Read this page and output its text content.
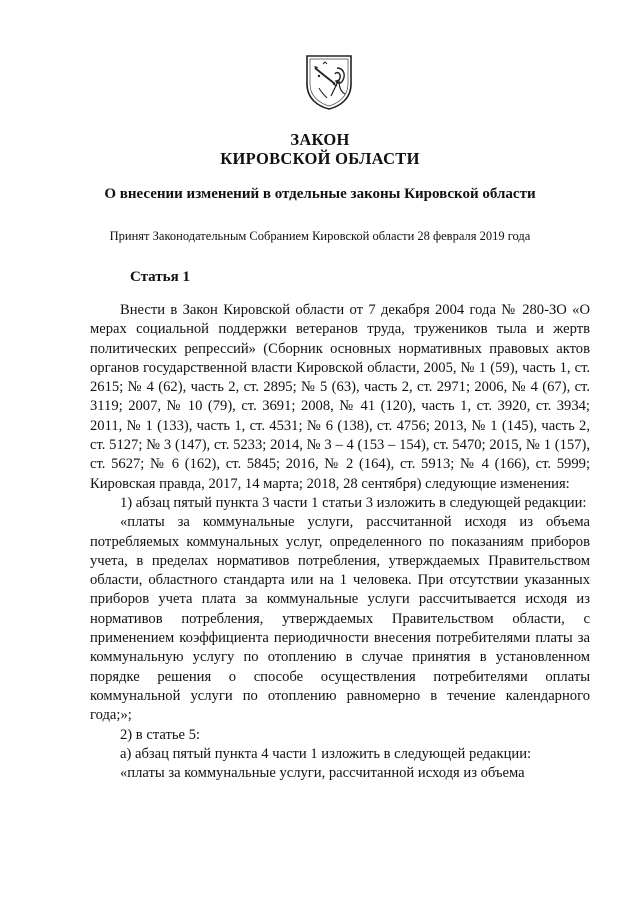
ЗАКОН
КИРОВСКОЙ ОБЛАСТИ
О внесении изменений в отдельные законы Кировской области
Принят Законодательным Собранием Кировской области 28 февраля 2019 года
Статья 1

Внести в Закон Кировской области от 7 декабря 2004 года № 280-ЗО «О мерах социальной поддержки ветеранов труда, тружеников тыла и жертв политических репрессий» (Сборник основных нормативных правовых актов органов государственной власти Кировской области, 2005, № 1 (59), часть 1, ст. 2615; № 4 (62), часть 2, ст. 2895; № 5 (63), часть 2, ст. 2971; 2006, № 4 (67), ст. 3119; 2007, № 10 (79), ст. 3691; 2008, № 41 (120), часть 1, ст. 3920, ст. 3934; 2011, № 1 (133), часть 1, ст. 4531; № 6 (138), ст. 4756; 2013, № 1 (145), часть 2, ст. 5127; № 3 (147), ст. 5233; 2014, № 3 – 4 (153 – 154), ст. 5470; 2015, № 1 (157), ст. 5627; № 6 (162), ст. 5845; 2016, № 2 (164), ст. 5913; № 4 (166), ст. 5999; Кировская правда, 2017, 14 марта; 2018, 28 сентября) следующие изменения:

1) абзац пятый пункта 3 части 1 статьи 3 изложить в следующей редакции:

«платы за коммунальные услуги, рассчитанной исходя из объема потребляемых коммунальных услуг, определенного по показаниям приборов учета, в пределах нормативов потребления, утверждаемых Правительством области, областного стандарта или на 1 человека. При отсутствии указанных приборов учета плата за коммунальные услуги рассчитывается исходя из нормативов потребления, утверждаемых Правительством области, с применением коэффициента периодичности внесения потребителями платы за коммунальную услугу по отоплению в случае принятия в установленном порядке решения о способе осуществления потребителями оплаты коммунальной услуги по отоплению равномерно в течение календарного года;»;

2) в статье 5:

а) абзац пятый пункта 4 части 1 изложить в следующей редакции:

«платы за коммунальные услуги, рассчитанной исходя из объема
